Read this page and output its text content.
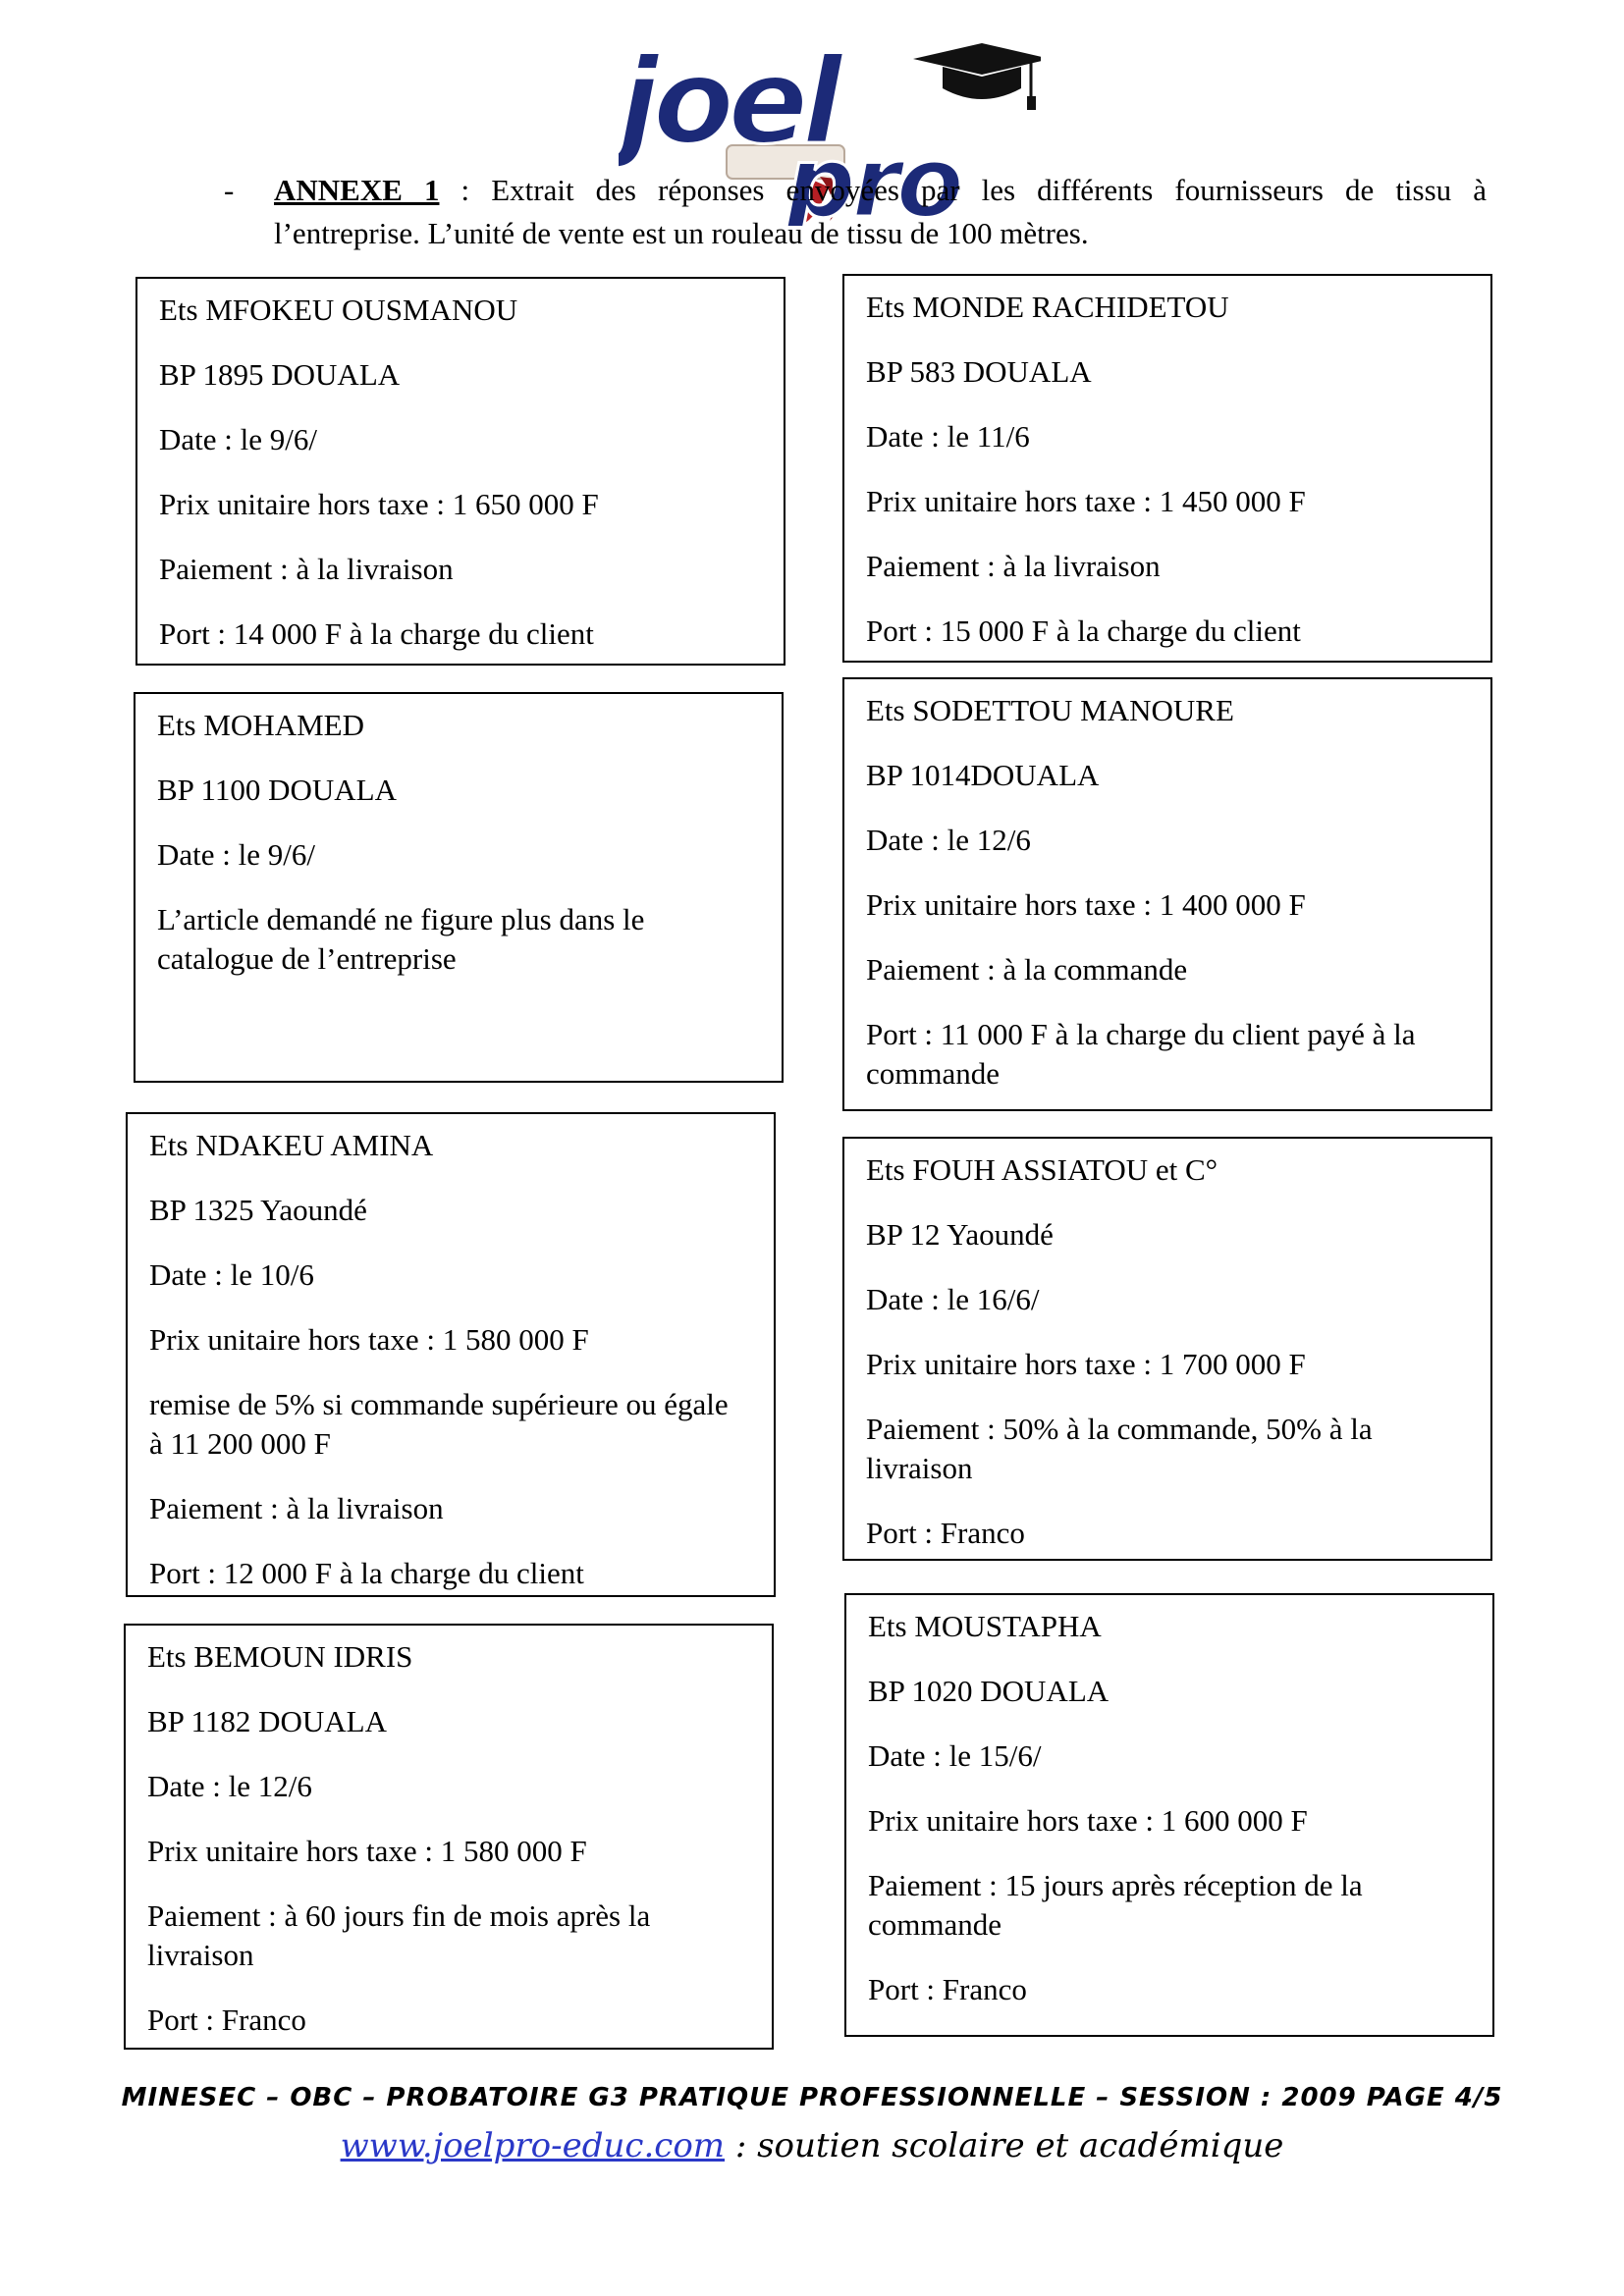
joel
pro
- ANNEXE 1 : Extrait des réponses envoyées par les différents fournisseurs de tissu à
l’entreprise. L’unité de vente est un rouleau de tissu de 100 mètres.

Ets MFOKEU OUSMANOU

BP 1895 DOUALA

Date : le 9/6/

Prix unitaire hors taxe : 1 650 000 F

Paiement : à la livraison

Port : 14 000 F à la charge du client

Ets MONDE RACHIDETOU

BP 583 DOUALA

Date : le 11/6

Prix unitaire hors taxe : 1 450 000 F

Paiement : à la livraison

Port : 15 000 F à la charge du client

Ets MOHAMED

BP 1100 DOUALA

Date : le 9/6/

L’article demandé ne figure plus dans le catalogue de l’entreprise

Ets SODETTOU MANOURE

BP 1014DOUALA

Date : le 12/6

Prix unitaire hors taxe : 1 400 000 F

Paiement : à la commande

Port : 11 000 F à la charge du client payé à la commande

Ets NDAKEU AMINA

BP 1325 Yaoundé

Date : le 10/6

Prix unitaire hors taxe : 1 580 000 F

remise de 5% si commande supérieure ou égale à 11 200 000 F

Paiement : à la livraison

Port : 12 000 F à la charge du client

Ets FOUH ASSIATOU et C°

BP 12 Yaoundé

Date : le 16/6/

Prix unitaire hors taxe : 1 700 000 F

Paiement : 50% à la commande, 50% à la livraison

Port : Franco

Ets BEMOUN IDRIS

BP 1182 DOUALA

Date : le 12/6

Prix unitaire hors taxe : 1 580 000 F

Paiement : à 60 jours fin de mois après la livraison

Port : Franco

Ets MOUSTAPHA

BP 1020 DOUALA

Date : le 15/6/

Prix unitaire hors taxe : 1 600 000 F

Paiement : 15 jours après réception de la commande

Port : Franco

MINESEC – OBC – PROBATOIRE G3 PRATIQUE PROFESSIONNELLE – SESSION : 2009 PAGE 4/5
www.joelpro-educ.com : soutien scolaire et académique
